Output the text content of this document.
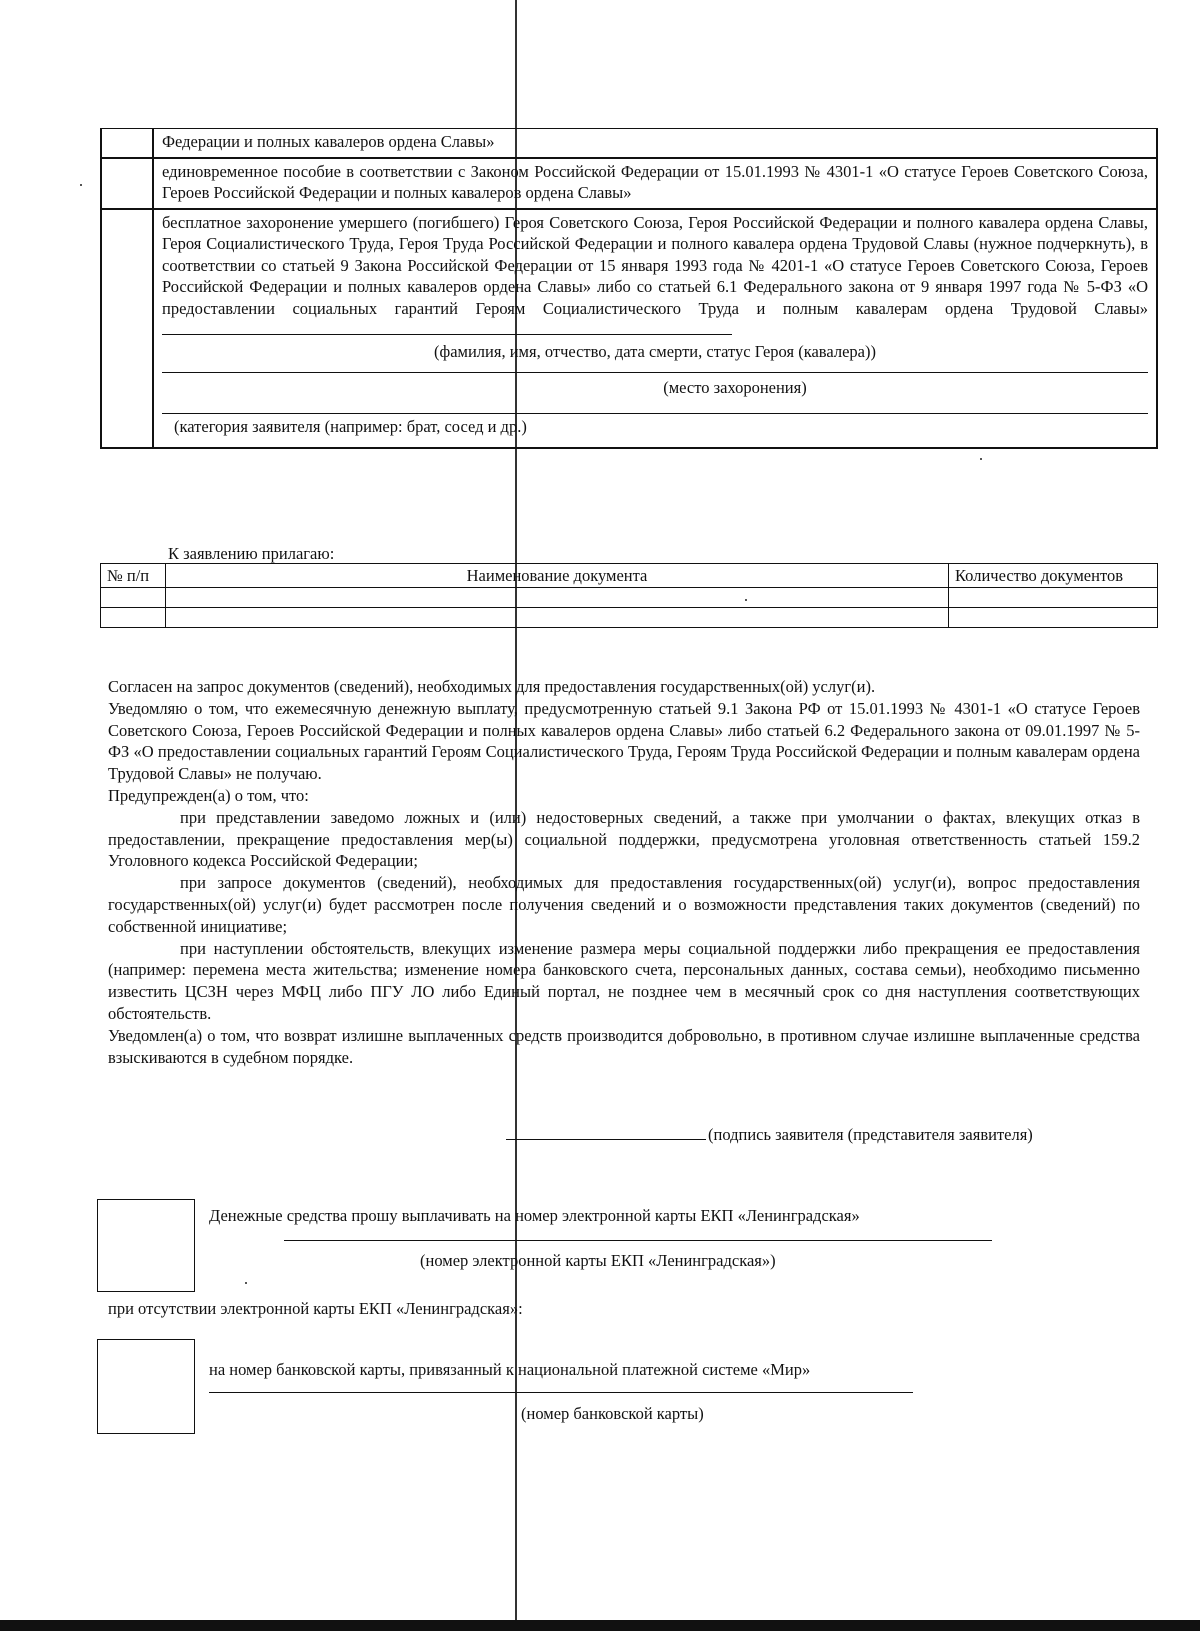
	Федерации и полных кавалеров ордена Славы»
	единовременное пособие в соответствии с Законом Российской Федерации от 15.01.1993 № 4301-1 «О статусе Героев Советского Союза, Героев Российской Федерации и полных кавалеров ордена Славы»

	бесплатное захоронение умершего (погибшего) Героя Советского Союза, Героя Российской Федерации и полного кавалера ордена Славы, Героя Социалистического Труда, Героя Труда Российской Федерации и полного кавалера ордена Трудовой Славы (нужное подчеркнуть), в соответствии со статьей 9 Закона Российской Федерации от 15 января 1993 года № 4201-1 «О статусе Героев Советского Союза, Героев Российской Федерации и полных кавалеров ордена Славы» либо со статьей 6.1 Федерального закона от 9 января 1997 года № 5-ФЗ «О предоставлении социальных гарантий Героям Социалистического Труда и полным кавалерам ордена Трудовой Славы»

(фамилия, имя, отчество, дата смерти, статус Героя (кавалера))

(место захоронения)

(категория заявителя (например: брат, сосед и др.)

К заявлению прилагаю:
№ п/п	Наименование документа	Количество документов

Согласен на запрос документов (сведений), необходимых для предоставления государственных(ой) услуг(и).

Уведомляю о том, что ежемесячную денежную выплату, предусмотренную статьей 9.1 Закона РФ от 15.01.1993 № 4301-1 «О статусе Героев Советского Союза, Героев Российской Федерации и полных кавалеров ордена Славы» либо статьей 6.2 Федерального закона от 09.01.1997 № 5-ФЗ «О предоставлении социальных гарантий Героям Социалистического Труда, Героям Труда Российской Федерации и полным кавалерам ордена Трудовой Славы» не получаю.

Предупрежден(а) о том, что:

при представлении заведомо ложных и (или) недостоверных сведений, а также при умолчании о фактах, влекущих отказ в предоставлении, прекращение предоставления мер(ы) социальной поддержки, предусмотрена уголовная ответственность статьей 159.2 Уголовного кодекса Российской Федерации;

при запросе документов (сведений), необходимых для предоставления государственных(ой) услуг(и), вопрос предоставления государственных(ой) услуг(и) будет рассмотрен после получения сведений и о возможности представления таких документов (сведений) по собственной инициативе;

при наступлении обстоятельств, влекущих изменение размера меры социальной поддержки либо прекращения ее предоставления (например: перемена места жительства; изменение номера банковского счета, персональных данных, состава семьи), необходимо письменно известить ЦСЗН через МФЦ либо ПГУ ЛО либо Единый портал, не позднее чем в месячный срок со дня наступления соответствующих обстоятельств.

Уведомлен(а) о том, что возврат излишне выплаченных средств производится добровольно, в противном случае излишне выплаченные средства взыскиваются в судебном порядке.

(подпись заявителя (представителя заявителя)
Денежные средства прошу выплачивать на номер электронной карты ЕКП «Ленинградская»
(номер электронной карты ЕКП «Ленинградская»)
при отсутствии электронной карты ЕКП «Ленинградская»:
на номер банковской карты, привязанный к национальной платежной системе «Мир»
(номер банковской карты)
